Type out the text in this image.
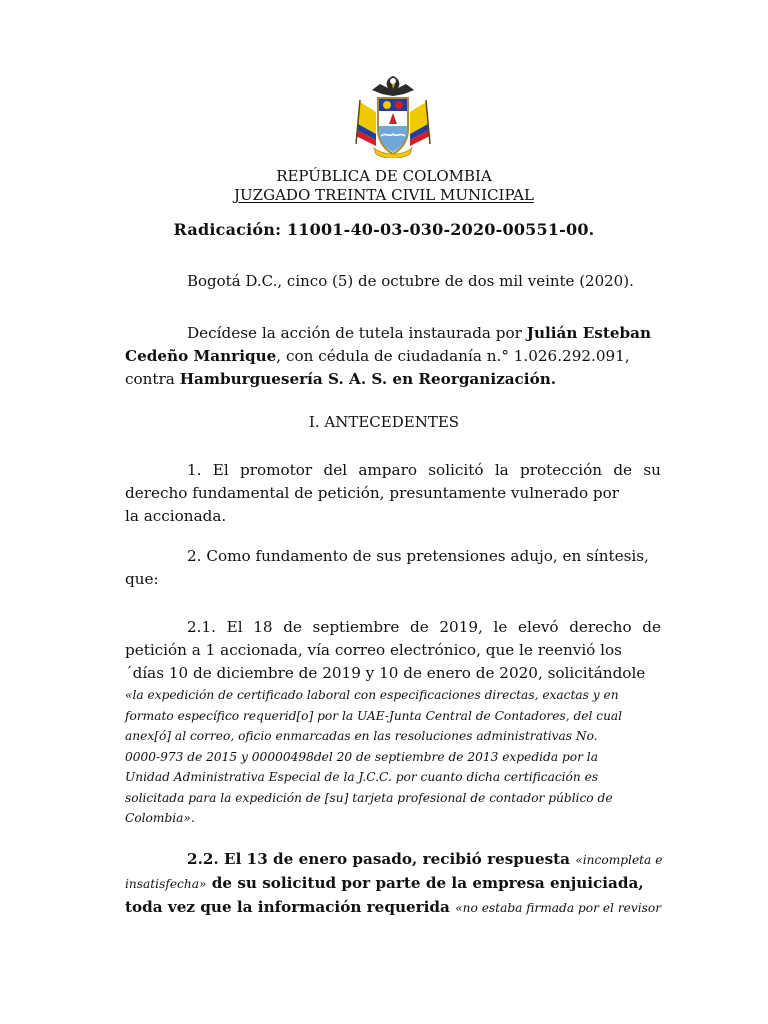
REPÚBLICA DE COLOMBIA
JUZGADO TREINTA CIVIL MUNICIPAL
Radicación: 11001-40-03-030-2020-00551-00.
Bogotá D.C., cinco (5) de octubre de dos mil veinte (2020).
Decídese la acción de tutela instaurada por Julián Esteban
Cedeño Manrique, con cédula de ciudadanía n.° 1.026.292.091,
contra Hamburguesería S. A. S. en Reorganización.
I. ANTECEDENTES
1. El promotor del amparo solicitó la protección de su
derecho fundamental de petición, presuntamente vulnerado por
la accionada.
2. Como fundamento de sus pretensiones adujo, en síntesis,
que:
2.1. El 18 de septiembre de 2019, le elevó derecho de
petición a 1 accionada, vía correo electrónico, que le reenvió los
´días 10 de diciembre de 2019 y 10 de enero de 2020, solicitándole
«la expedición de certificado laboral con especificaciones directas, exactas y en
formato específico requerid[o] por la UAE-Junta Central de Contadores, del cual
anex[ó] al correo, oficio enmarcadas en las resoluciones administrativas No.
0000-973 de 2015 y 00000498del 20 de septiembre de 2013 expedida por la
Unidad Administrativa Especial de la J.C.C. por cuanto dicha certificación es
solicitada para la expedición de [su] tarjeta profesional de contador público de
Colombia».
2.2. El 13 de enero pasado, recibió respuesta «incompleta e
insatisfecha» de su solicitud por parte de la empresa enjuiciada,
toda vez que la información requerida «no estaba firmada por el revisor
